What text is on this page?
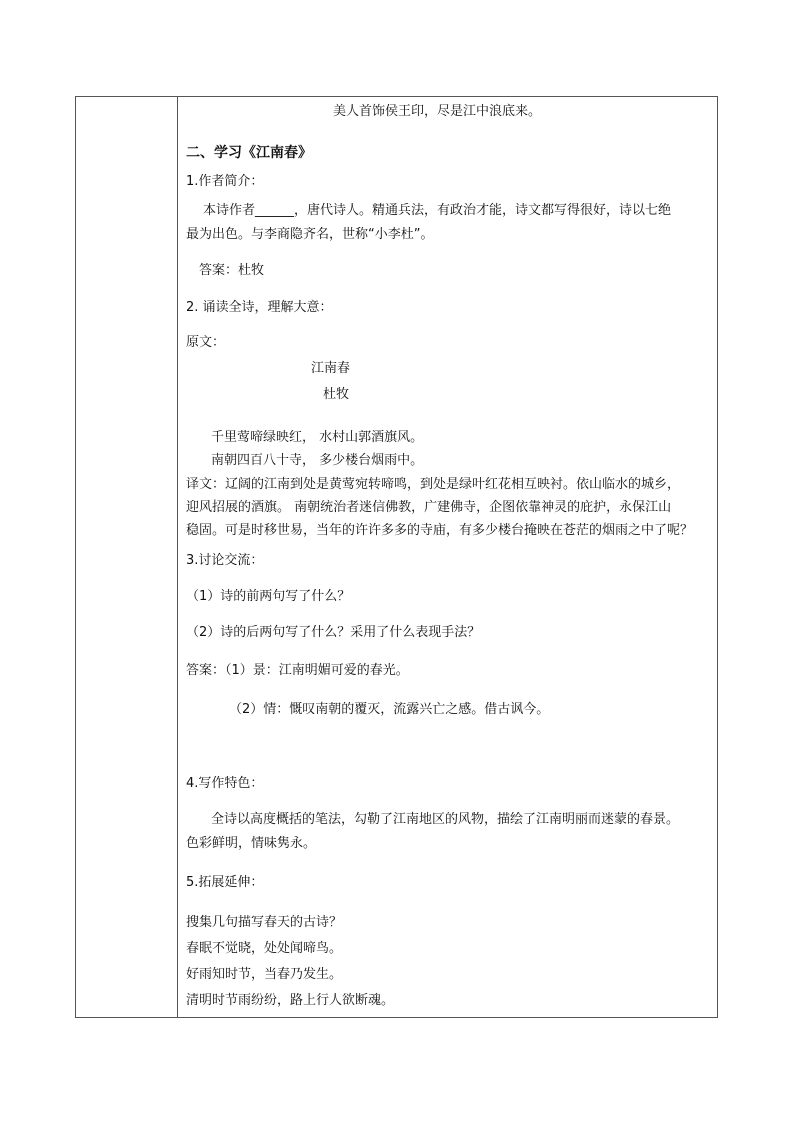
美人首饰侯王印，尽是江中浪底来。
二、学习《江南春》
1.作者简介：
本诗作者______，唐代诗人。精通兵法，有政治才能，诗文都写得很好，诗以七绝
最为出色。与李商隐齐名，世称“小李杜”。
答案：杜牧
2. 诵读全诗，理解大意：
原文：
江南春
杜牧
千里莺啼绿映红， 水村山郭酒旗风。
南朝四百八十寺， 多少楼台烟雨中。
译文：辽阔的江南到处是黄莺宛转啼鸣，到处是绿叶红花相互映衬。依山临水的城乡，
迎风招展的酒旗。 南朝统治者迷信佛教，广建佛寺，企图依靠神灵的庇护，永保江山
稳固。可是时移世易，当年的许许多多的寺庙，有多少楼台掩映在苍茫的烟雨之中了呢？
3.讨论交流：
（1）诗的前两句写了什么？
（2）诗的后两句写了什么？采用了什么表现手法？
答案：（1）景：江南明媚可爱的春光。
（2）情：慨叹南朝的覆灭，流露兴亡之感。借古讽今。
4.写作特色：
全诗以高度概括的笔法，勾勒了江南地区的风物，描绘了江南明丽而迷蒙的春景。
色彩鲜明，情味隽永。
5.拓展延伸：
搜集几句描写春天的古诗？
春眠不觉晓，处处闻啼鸟。
好雨知时节，当春乃发生。
清明时节雨纷纷，路上行人欲断魂。
